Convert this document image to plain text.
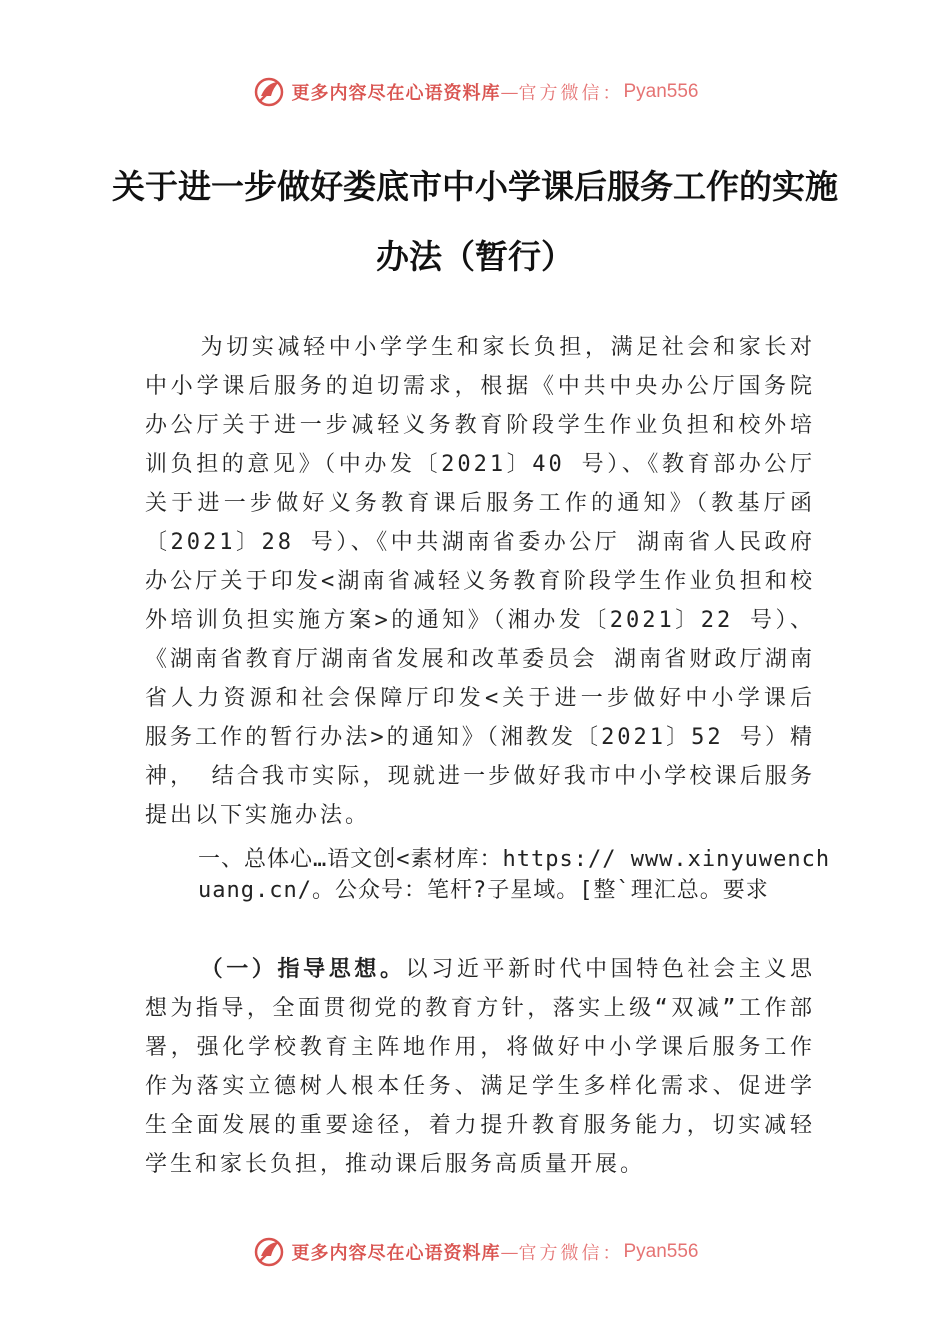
更多内容尽在心语资料库 — 官方微信： Pyan556
关于进一步做好娄底市中小学课后服务工作的实施办法（暂行）
为切实减轻中小学学生和家长负担，满足社会和家长对中小学课后服务的迫切需求，根据《中共中央办公厅国务院办公厅关于进一步减轻义务教育阶段学生作业负担和校外培训负担的意见》（中办发〔2021〕40 号）、《教育部办公厅关于进一步做好义务教育课后服务工作的通知》（教基厅函〔2021〕28 号）、《中共湖南省委办公厅 湖南省人民政府办公厅关于印发<湖南省减轻义务教育阶段学生作业负担和校外培训负担实施方案>的通知》（湘办发〔2021〕22 号）、《湖南省教育厅湖南省发展和改革委员会 湖南省财政厅湖南省人力资源和社会保障厅印发<关于进一步做好中小学课后 服务工作的暂行办法>的通知》（湘教发〔2021〕52 号）精神， 结合我市实际，现就进一步做好我市中小学校课后服务提出以下实施办法。
一、总体心…语文创<素材库：https:// www.xinyuwenchuang.cn/。公众号：笔杆?子星域。[整`理汇总。要求
（一）指导思想。以习近平新时代中国特色社会主义思想为指导，全面贯彻党的教育方针，落实上级“双减”工作部署，强化学校教育主阵地作用，将做好中小学课后服务工作作为落实立德树人根本任务、满足学生多样化需求、促进学生全面发展的重要途径，着力提升教育服务能力，切实减轻学生和家长负担，推动课后服务高质量开展。
更多内容尽在心语资料库 — 官方微信： Pyan556
